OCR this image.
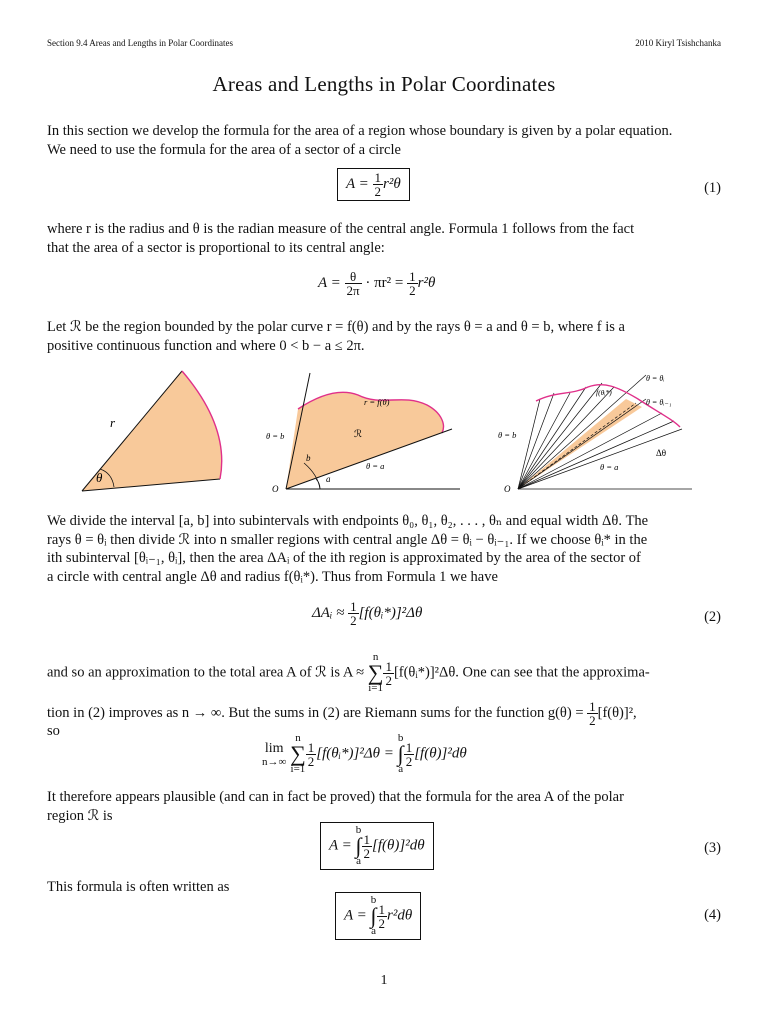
Section 9.4 Areas and Lengths in Polar Coordinates	2010 Kiryl Tsishchanka
Areas and Lengths in Polar Coordinates
In this section we develop the formula for the area of a region whose boundary is given by a polar equation.
We need to use the formula for the area of a sector of a circle
$A = \frac{1}{2} r^2\theta$	(1)
where r is the radius and θ is the radian measure of the central angle. Formula 1 follows from the fact
that the area of a sector is proportional to its central angle:
$A = \frac{\theta}{2\pi} \cdot \pi r^2 = \frac{1}{2} r^2\theta$
Let ℛ be the region bounded by the polar curve r = f(θ) and by the rays θ = a and θ = b, where f is a
positive continuous function and where 0 < b − a ≤ 2π.
r
θ
r = f(θ)
θ = b	ℛ
θ = a
b
a
O
θ = θᵢ
f(θᵢ*)
θ = θᵢ₋₁
θ = b
Δθ
θ = a
O
We divide the interval [a, b] into subintervals with endpoints θ₀, θ₁, θ₂, . . . , θₙ and equal width Δθ. The
rays θ = θᵢ then divide ℛ into n smaller regions with central angle Δθ = θᵢ − θᵢ₋₁. If we choose θᵢ* in the
ith subinterval [θᵢ₋₁, θᵢ], then the area ΔAᵢ of the ith region is approximated by the area of the sector of
a circle with central angle Δθ and radius f(θᵢ*). Thus from Formula 1 we have
ΔAᵢ ≈ $\frac{1}{2}$ [f(θᵢ*)]²Δθ	(2)
and so an approximation to the total area A of ℛ is A ≈ n
∑
i=1
$\frac{1}{2}$ [f(θᵢ*)]²Δθ. One can see that the approxima-
tion in (2) improves as n → ∞. But the sums in (2) are Riemann sums for the function $g(\theta) = \frac{1}{2} [f(\theta)]^2$,
so
lim
n→∞ n
∑
i=1
$\frac{1}{2}$ [f(θᵢ*)]²Δθ = b
∫
a
$\frac{1}{2} [f(\theta)]^2d\theta$
It therefore appears plausible (and can in fact be proved) that the formula for the area A of the polar
region ℛ is
A = b
∫
a
$\frac{1}{2} [f(\theta)]^2d\theta$	(3)
This formula is often written as
A = b
∫
a
$\frac{1}{2} r^2d\theta$	(4)
1
